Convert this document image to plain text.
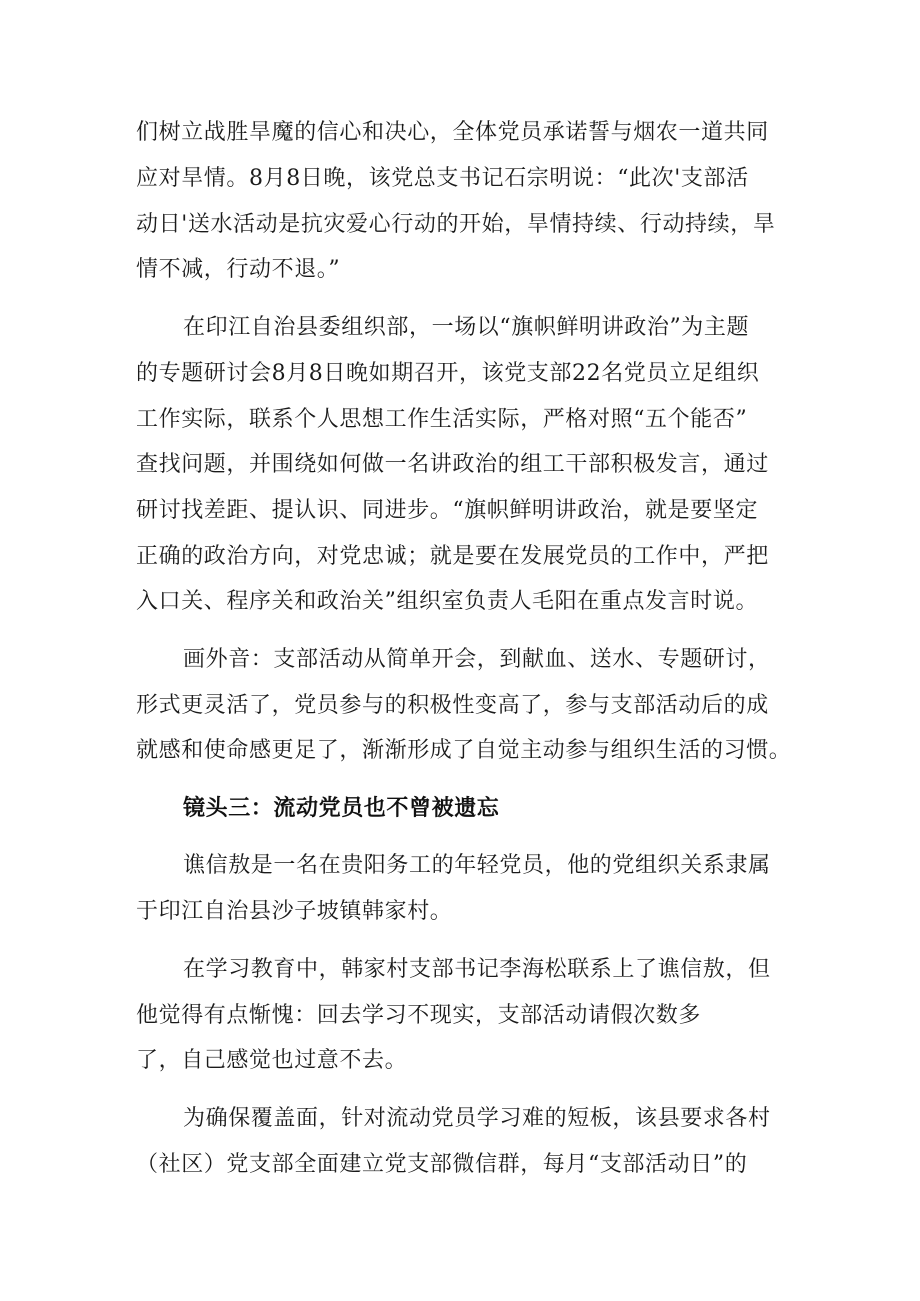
们树立战胜旱魔的信心和决心，全体党员承诺誓与烟农一道共同

应对旱情。8月8日晚，该党总支书记石宗明说：“此次'支部活

动日'送水活动是抗灾爱心行动的开始，旱情持续、行动持续，旱

情不减，行动不退。”

在印江自治县委组织部，一场以“旗帜鲜明讲政治”为主题

的专题研讨会8月8日晚如期召开，该党支部22名党员立足组织

工作实际，联系个人思想工作生活实际，严格对照“五个能否”

查找问题，并围绕如何做一名讲政治的组工干部积极发言，通过

研讨找差距、提认识、同进步。“旗帜鲜明讲政治，就是要坚定

正确的政治方向，对党忠诚；就是要在发展党员的工作中，严把

入口关、程序关和政治关”组织室负责人毛阳在重点发言时说。

画外音：支部活动从简单开会，到献血、送水、专题研讨，

形式更灵活了，党员参与的积极性变高了，参与支部活动后的成

就感和使命感更足了，渐渐形成了自觉主动参与组织生活的习惯。

镜头三：流动党员也不曾被遗忘

谯信敖是一名在贵阳务工的年轻党员，他的党组织关系隶属

于印江自治县沙子坡镇韩家村。

在学习教育中，韩家村支部书记李海松联系上了谯信敖，但

他觉得有点惭愧：回去学习不现实，支部活动请假次数多

了，自己感觉也过意不去。

为确保覆盖面，针对流动党员学习难的短板，该县要求各村

（社区）党支部全面建立党支部微信群，每月“支部活动日”的
